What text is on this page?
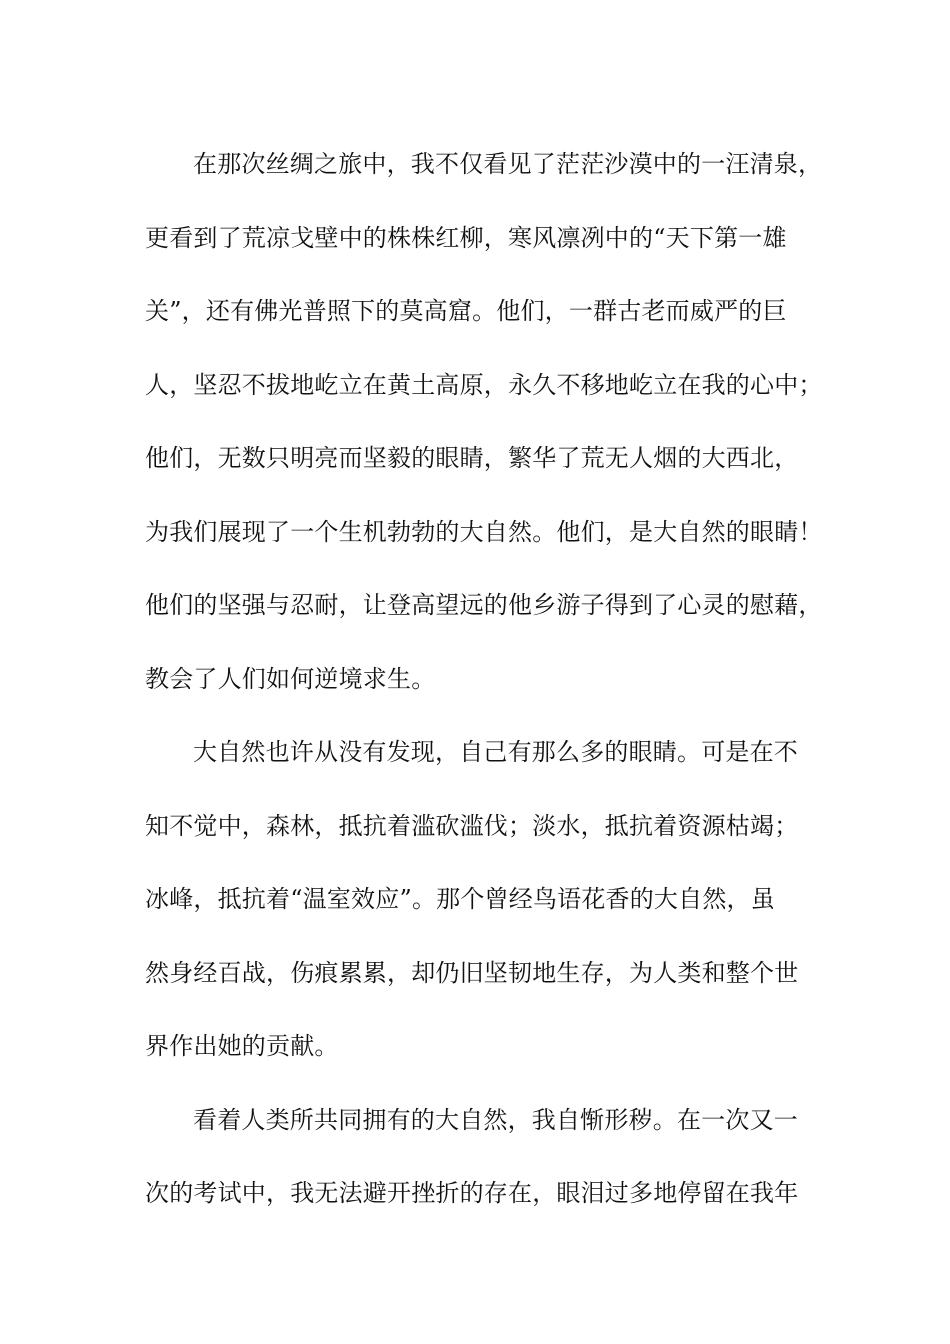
在那次丝绸之旅中，我不仅看见了茫茫沙漠中的一汪清泉，
更看到了荒凉戈壁中的株株红柳，寒风凛冽中的“天下第一雄
关”，还有佛光普照下的莫高窟。他们，一群古老而威严的巨
人，坚忍不拔地屹立在黄土高原，永久不移地屹立在我的心中；
他们，无数只明亮而坚毅的眼睛，繁华了荒无人烟的大西北，
为我们展现了一个生机勃勃的大自然。他们，是大自然的眼睛！
他们的坚强与忍耐，让登高望远的他乡游子得到了心灵的慰藉，
教会了人们如何逆境求生。
大自然也许从没有发现，自己有那么多的眼睛。可是在不
知不觉中，森林，抵抗着滥砍滥伐；淡水，抵抗着资源枯竭；
冰峰，抵抗着“温室效应”。那个曾经鸟语花香的大自然，虽
然身经百战，伤痕累累，却仍旧坚韧地生存，为人类和整个世
界作出她的贡献。
看着人类所共同拥有的大自然，我自惭形秽。在一次又一
次的考试中，我无法避开挫折的存在，眼泪过多地停留在我年
